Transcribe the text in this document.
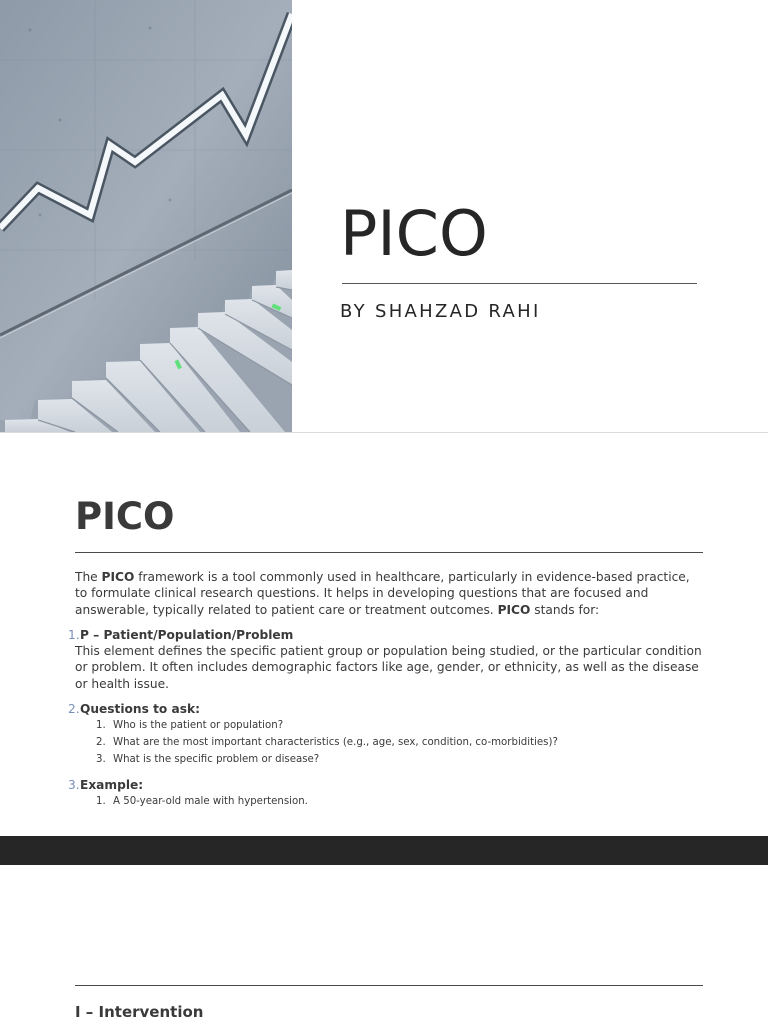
PICO

BY SHAHZAD RAHI

PICO

The PICO framework is a tool commonly used in healthcare, particularly in evidence-based practice, to formulate clinical research questions. It helps in developing questions that are focused and answerable, typically related to patient care or treatment outcomes. PICO stands for:

1. P – Patient/Population/Problem

This element defines the specific patient group or population being studied, or the particular condition or problem. It often includes demographic factors like age, gender, or ethnicity, as well as the disease or health issue.

2. Questions to ask:
1. Who is the patient or population?
2. What are the most important characteristics (e.g., age, sex, condition, co-morbidities)?
3. What is the specific problem or disease?
3. Example:
1. A 50-year-old male with hypertension.
I – Intervention
